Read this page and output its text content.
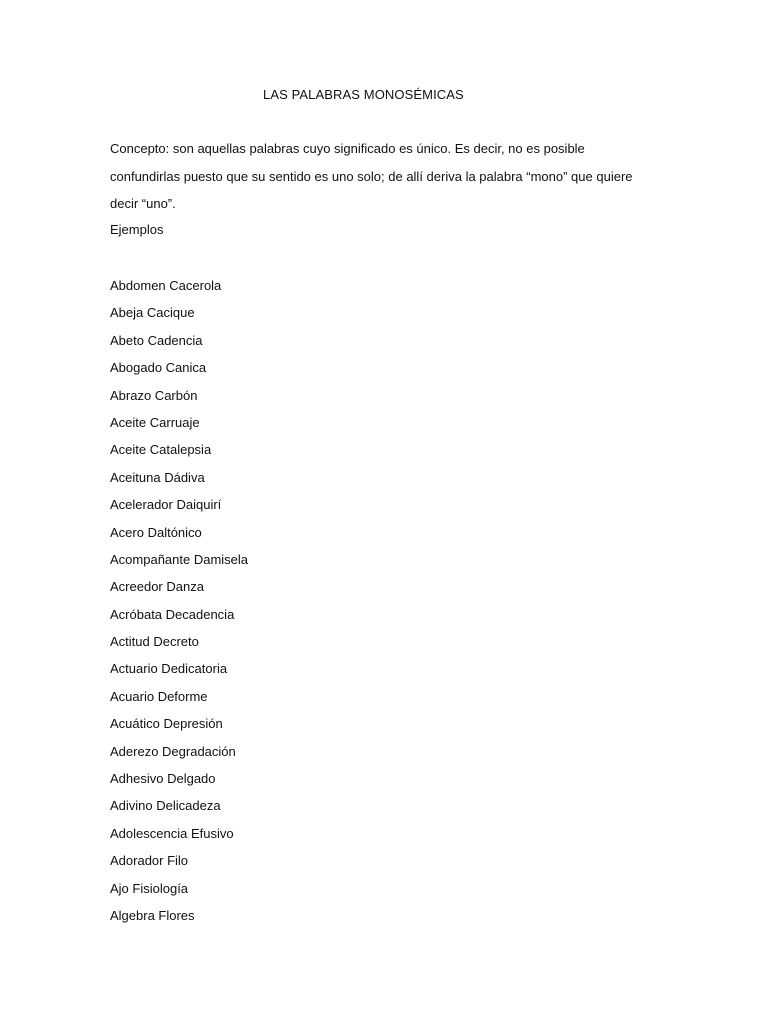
LAS PALABRAS MONOSÉMICAS
Concepto: son aquellas palabras cuyo significado es único. Es decir, no es posible
confundirlas puesto que su sentido es uno solo; de allí deriva la palabra “mono” que quiere
decir “uno”.
Ejemplos
Abdomen Cacerola
Abeja Cacique
Abeto Cadencia
Abogado Canica
Abrazo Carbón
Aceite Carruaje
Aceite Catalepsia
Aceituna Dádiva
Acelerador Daiquirí
Acero Daltónico
Acompañante Damisela
Acreedor Danza
Acróbata Decadencia
Actitud Decreto
Actuario Dedicatoria
Acuario Deforme
Acuático Depresión
Aderezo Degradación
Adhesivo Delgado
Adivino Delicadeza
Adolescencia Efusivo
Adorador Filo
Ajo Fisiología
Algebra Flores
